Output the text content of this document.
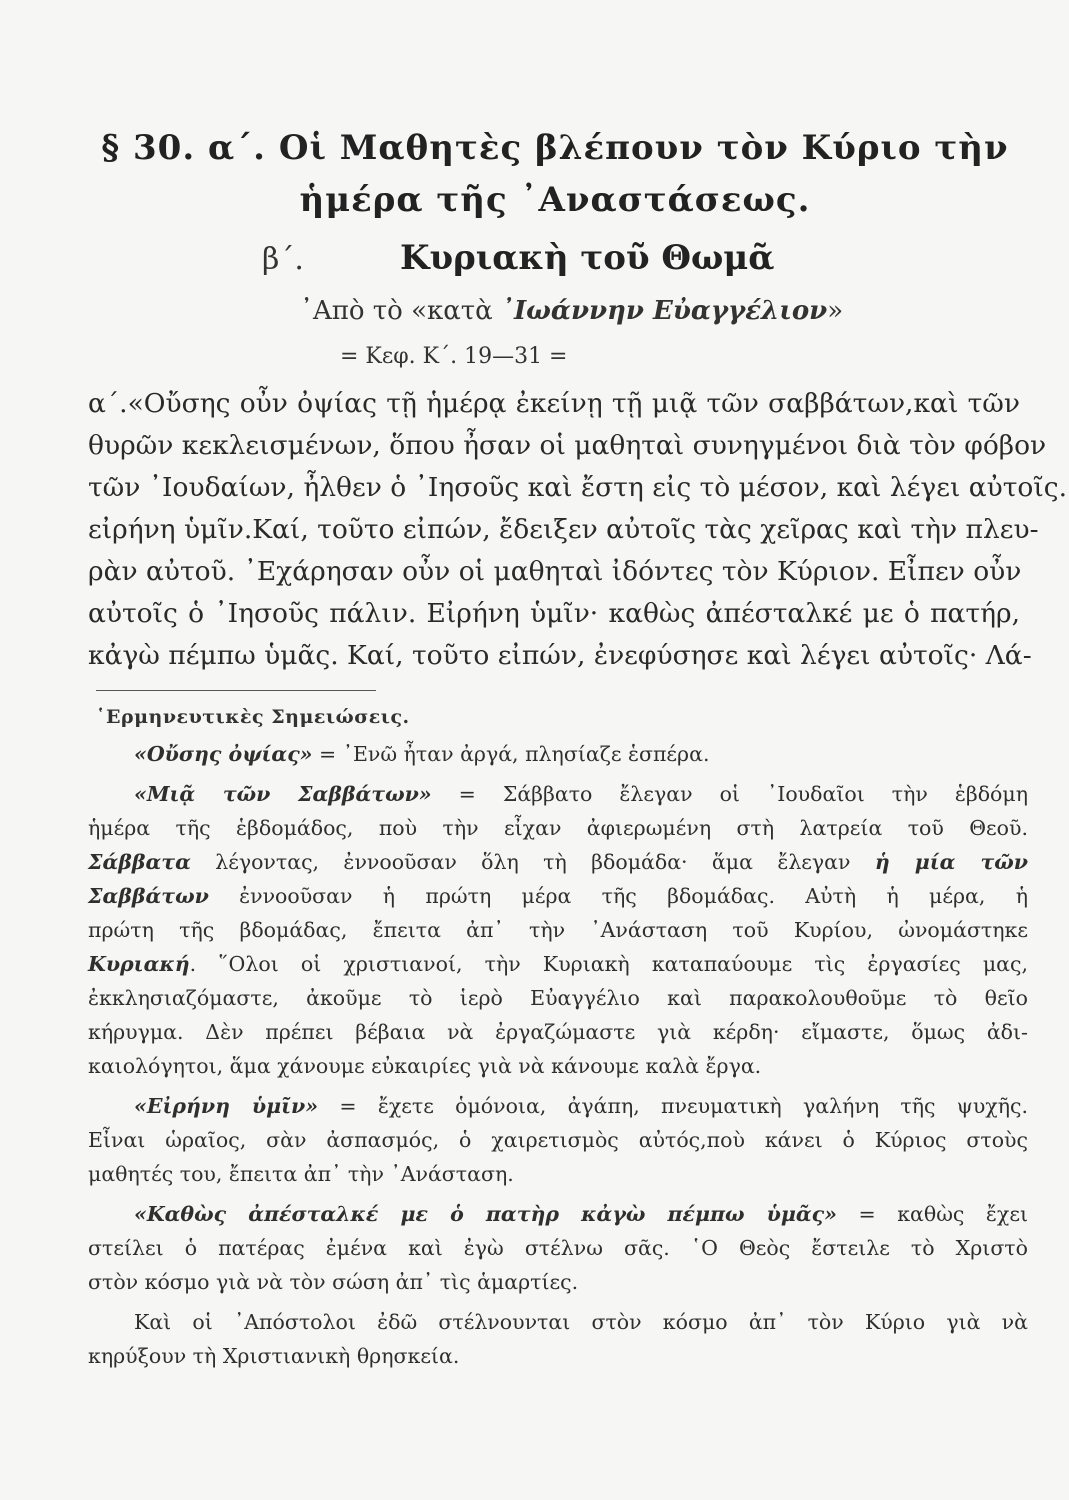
§ 30. α΄. Οἱ Μαθητὲς βλέπουν τὸν Κύριο τὴν
ἡμέρα τῆς ᾿Αναστάσεως.
β΄.	Κυριακὴ τοῦ Θωμᾶ
᾿Απὸ τὸ «κατὰ ᾿Ιωάννην Εὐαγγέλιον»
= Κεφ. Κ΄. 19—31 =
α΄.«Οὔσης οὖν ὀψίας τῇ ἡμέρᾳ ἐκείνῃ τῇ μιᾷ τῶν σαββάτων,καὶ τῶν
θυρῶν κεκλεισμένων, ὅπου ἦσαν οἱ μαθηταὶ συνηγμένοι διὰ τὸν φόβον
τῶν ᾿Ιουδαίων, ἦλθεν ὁ ᾿Ιησοῦς καὶ ἔστη εἰς τὸ μέσον, καὶ λέγει αὐτοῖς.
εἰρήνη ὑμῖν.Καί, τοῦτο εἰπών, ἔδειξεν αὐτοῖς τὰς χεῖρας καὶ τὴν πλευ-
ρὰν αὐτοῦ. ᾿Εχάρησαν οὖν οἱ μαθηταὶ ἰδόντες τὸν Κύριον. Εἶπεν οὖν
αὐτοῖς ὁ ᾿Ιησοῦς πάλιν. Εἰρήνη ὑμῖν· καθὼς ἀπέσταλκέ με ὁ πατήρ,
κἀγὼ πέμπω ὑμᾶς. Καί, τοῦτο εἰπών, ἐνεφύσησε καὶ λέγει αὐτοῖς· Λά-
῾Ερμηνευτικὲς Σημειώσεις.
«Οὔσης ὀψίας» = ᾿Ενῶ ἦταν ἀργά, πλησίαζε ἑσπέρα.
«Μιᾷ τῶν Σαββάτων» = Σάββατο ἔλεγαν οἱ ᾿Ιουδαῖοι τὴν ἑβδόμη
ἡμέρα τῆς ἑβδομάδος, ποὺ τὴν εἶχαν ἀφιερωμένη στὴ λατρεία τοῦ Θεοῦ.
Σάββατα λέγοντας, ἐννοοῦσαν ὅλη τὴ βδομάδα· ἅμα ἔλεγαν ἡ μία τῶν
Σαββάτων ἐννοοῦσαν ἡ πρώτη μέρα τῆς βδομάδας. Αὐτὴ ἡ μέρα, ἡ
πρώτη τῆς βδομάδας, ἔπειτα ἀπ᾿ τὴν ᾿Ανάσταση τοῦ Κυρίου, ὠνομάστηκε
Κυριακή. ῞Ολοι οἱ χριστιανοί, τὴν Κυριακὴ καταπαύουμε τὶς ἐργασίες μας,
ἐκκλησιαζόμαστε, ἀκοῦμε τὸ ἱερὸ Εὐαγγέλιο καὶ παρακολουθοῦμε τὸ θεῖο
κήρυγμα. Δὲν πρέπει βέβαια νὰ ἐργαζώμαστε γιὰ κέρδη· εἴμαστε, ὅμως ἀδι-
καιολόγητοι, ἅμα χάνουμε εὐκαιρίες γιὰ νὰ κάνουμε καλὰ ἔργα.
«Εἰρήνη ὑμῖν» = ἔχετε ὁμόνοια, ἀγάπη, πνευματικὴ γαλήνη τῆς ψυχῆς.
Εἶναι ὡραῖος, σὰν ἀσπασμός, ὁ χαιρετισμὸς αὐτός,ποὺ κάνει ὁ Κύριος στοὺς
μαθητές του, ἔπειτα ἀπ᾿ τὴν ᾿Ανάσταση.
«Καθὼς ἀπέσταλκέ με ὁ πατὴρ κἀγὼ πέμπω ὑμᾶς» = καθὼς ἔχει
στείλει ὁ πατέρας ἐμένα καὶ ἐγὼ στέλνω σᾶς. ῾Ο Θεὸς ἔστειλε τὸ Χριστὸ
στὸν κόσμο γιὰ νὰ τὸν σώση ἀπ᾿ τὶς ἁμαρτίες.
Καὶ οἱ ᾿Απόστολοι ἐδῶ στέλνουνται στὸν κόσμο ἀπ᾿ τὸν Κύριο γιὰ νὰ
κηρύξουν τὴ Χριστιανικὴ θρησκεία.
